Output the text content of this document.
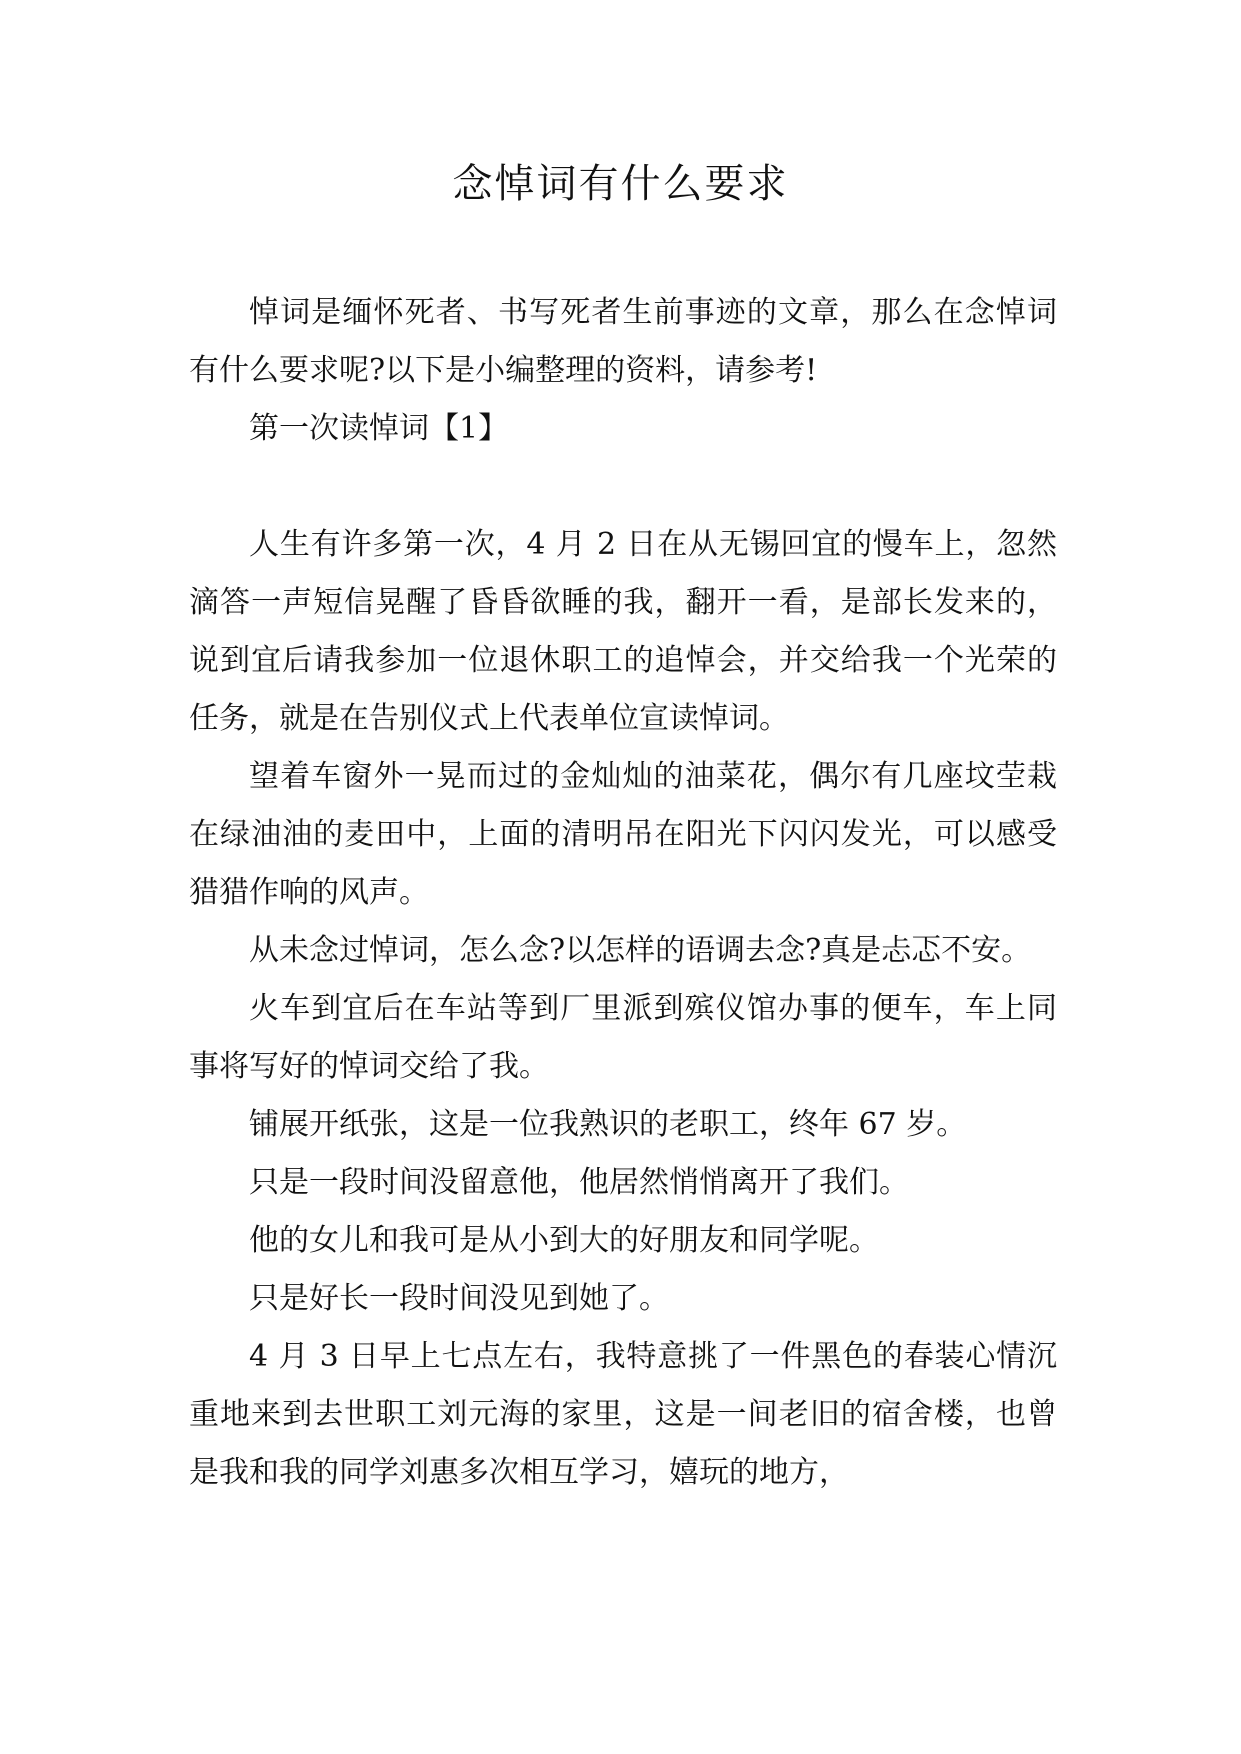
念悼词有什么要求

悼词是缅怀死者、书写死者生前事迹的文章，那么在念悼词有什么要求呢?以下是小编整理的资料，请参考!

第一次读悼词【1】

人生有许多第一次，4 月 2 日在从无锡回宜的慢车上，忽然滴答一声短信晃醒了昏昏欲睡的我，翻开一看，是部长发来的，说到宜后请我参加一位退休职工的追悼会，并交给我一个光荣的任务，就是在告别仪式上代表单位宣读悼词。

望着车窗外一晃而过的金灿灿的油菜花，偶尔有几座坟茔栽在绿油油的麦田中，上面的清明吊在阳光下闪闪发光，可以感受猎猎作响的风声。

从未念过悼词，怎么念?以怎样的语调去念?真是忐忑不安。

火车到宜后在车站等到厂里派到殡仪馆办事的便车，车上同事将写好的悼词交给了我。

铺展开纸张，这是一位我熟识的老职工，终年 67 岁。

只是一段时间没留意他，他居然悄悄离开了我们。

他的女儿和我可是从小到大的好朋友和同学呢。

只是好长一段时间没见到她了。

4 月 3 日早上七点左右，我特意挑了一件黑色的春装心情沉重地来到去世职工刘元海的家里，这是一间老旧的宿舍楼，也曾是我和我的同学刘惠多次相互学习，嬉玩的地方，
